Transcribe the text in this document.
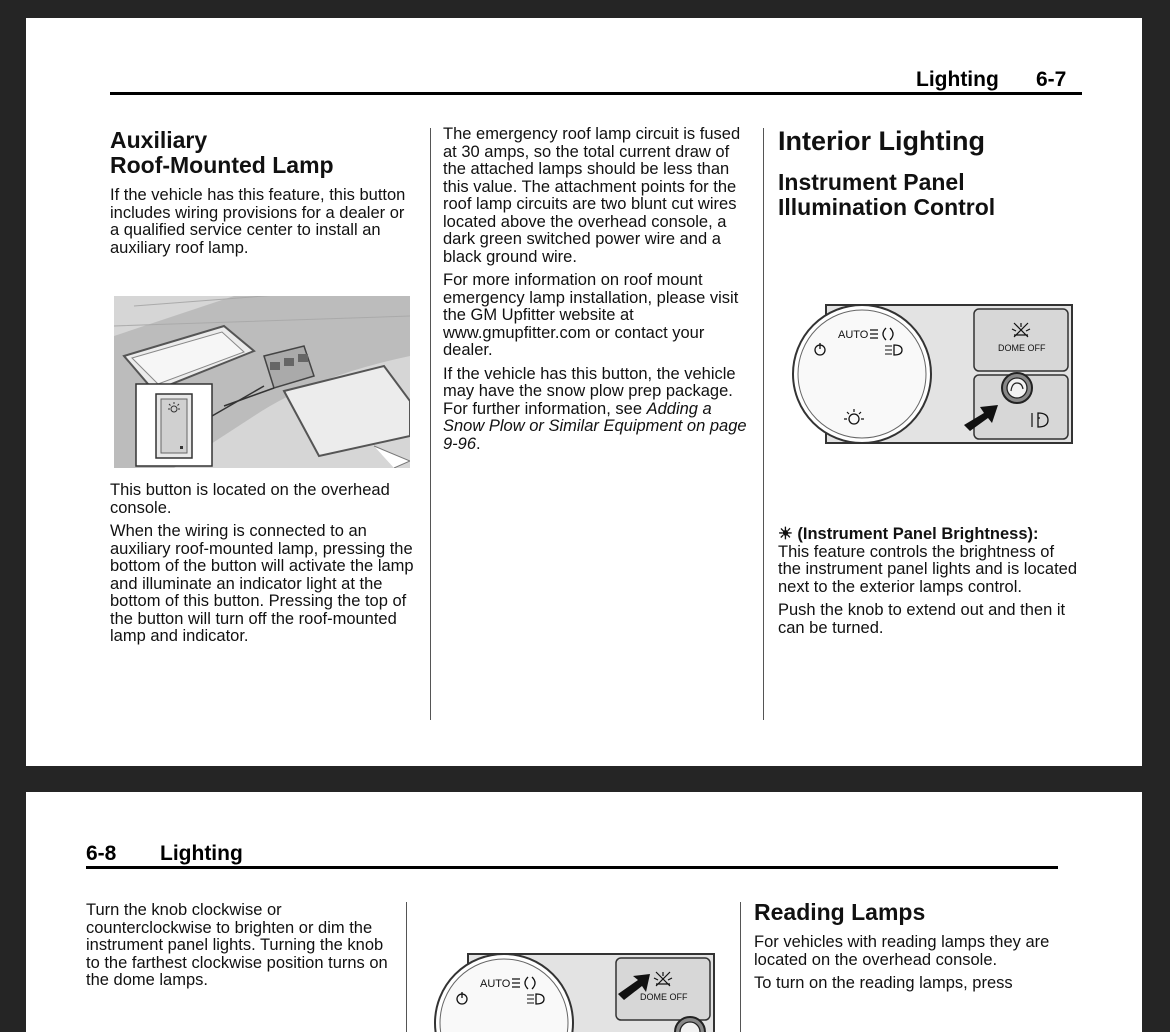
Lighting 6-7
Auxiliary
Roof-Mounted Lamp

If the vehicle has this feature, this button includes wiring provisions for a dealer or a qualified service center to install an auxiliary roof lamp.

This button is located on the overhead console.

When the wiring is connected to an auxiliary roof-mounted lamp, pressing the bottom of the button will activate the lamp and illuminate an indicator light at the bottom of this button. Pressing the top of the button will turn off the roof-mounted lamp and indicator.

The emergency roof lamp circuit is fused at 30 amps, so the total current draw of the attached lamps should be less than this value. The attachment points for the roof lamp circuits are two blunt cut wires located above the overhead console, a dark green switched power wire and a black ground wire.

For more information on roof mount emergency lamp installation, please visit the GM Upfitter website at www.gmupfitter.com or contact your dealer.

If the vehicle has this button, the vehicle may have the snow plow prep package. For further information, see Adding a Snow Plow or Similar Equipment on page 9-96.

Interior Lighting
Instrument Panel
Illumination Control
AUTO
DOME OFF

☀ (Instrument Panel Brightness):  This feature controls the brightness of the instrument panel lights and is located next to the exterior lamps control.

Push the knob to extend out and then it can be turned.

6-8 Lighting

Turn the knob clockwise or counterclockwise to brighten or dim the instrument panel lights. Turning the knob to the farthest clockwise position turns on the dome lamps.	AUTO
DOME OFF
Reading Lamps

For vehicles with reading lamps they are located on the overhead console.

To turn on the reading lamps, press
